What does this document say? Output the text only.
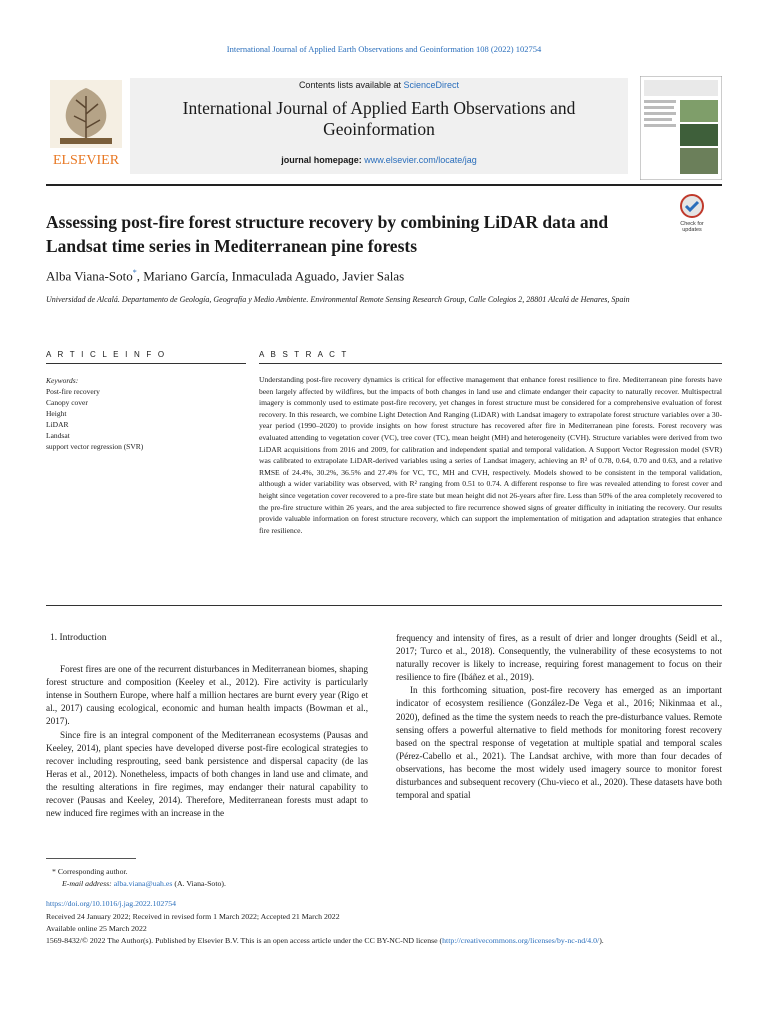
International Journal of Applied Earth Observations and Geoinformation 108 (2022) 102754
ELSEVIER
Contents lists available at ScienceDirect
International Journal of Applied Earth Observations and Geoinformation
journal homepage: www.elsevier.com/locate/jag
Assessing post-fire forest structure recovery by combining LiDAR data and Landsat time series in Mediterranean pine forests
Check for
updates
Alba Viana-Soto*, Mariano García, Inmaculada Aguado, Javier Salas
Universidad de Alcalá. Departamento de Geología, Geografía y Medio Ambiente. Environmental Remote Sensing Research Group, Calle Colegios 2, 28801 Alcalá de Henares, Spain
A R T I C L E I N F O	A B S T R A C T
Keywords:
Post-fire recovery
Canopy cover
Height
LiDAR
Landsat
support vector regression (SVR)
Understanding post-fire recovery dynamics is critical for effective management that enhance forest resilience to fire. Mediterranean pine forests have been largely affected by wildfires, but the impacts of both changes in land use and climate endanger their capacity to naturally recover. Multispectral imagery is commonly used to estimate post-fire recovery, yet changes in forest structure must be considered for a comprehensive evaluation of forest recovery. In this research, we combine Light Detection And Ranging (LiDAR) with Landsat imagery to extrapolate forest structure variables over a 30-year period (1990–2020) to provide insights on how forest structure has recovered after fire in Mediterranean pine forests. Forest recovery was evaluated attending to vegetation cover (VC), tree cover (TC), mean height (MH) and heterogeneity (CVH). Structure variables were derived from two LiDAR acquisitions from 2016 and 2009, for calibration and independent spatial and temporal validation. A Support Vector Regression model (SVR) was calibrated to extrapolate LiDAR-derived variables using a series of Landsat imagery, achieving an R² of 0.78, 0.64, 0.70 and 0.63, and a relative RMSE of 24.4%, 30.2%, 36.5% and 27.4% for VC, TC, MH and CVH, respectively. Models showed to be consistent in the temporal validation, although a wider variability was observed, with R² ranging from 0.51 to 0.74. A different response to fire was revealed attending to forest cover and height since vegetation cover recovered to a pre-fire state but mean height did not 26-years after fire. Less than 50% of the area completely recovered to the pre-fire structure within 26 years, and the area subjected to fire recurrence showed signs of greater difficulty in initiating the recovery. Our results provide valuable information on forest structure recovery, which can support the implementation of mitigation and adaptation strategies that enhance fire resilience.
1. Introduction

Forest fires are one of the recurrent disturbances in Mediterranean biomes, shaping forest structure and composition (Keeley et al., 2012). Fire activity is particularly intense in Southern Europe, where half a million hectares are burnt every year (Rigo et al., 2017) causing ecological, economic and human health impacts (Bowman et al., 2017).

Since fire is an integral component of the Mediterranean ecosystems (Pausas and Keeley, 2014), plant species have developed diverse post-fire ecological strategies to recover including resprouting, seed bank persistence and dispersal capacity (de las Heras et al., 2012). Nonetheless, impacts of both changes in land use and climate, and the resulting alterations in fire regimes, may endanger their natural capability to recover (Pausas and Keeley, 2014). Therefore, Mediterranean forests must adapt to new induced fire regimes with an increase in the

frequency and intensity of fires, as a result of drier and longer droughts (Seidl et al., 2017; Turco et al., 2018). Consequently, the vulnerability of these ecosystems to not naturally recover is likely to increase, requiring forest management to focus on their resilience to fire (Ibáñez et al., 2019).

In this forthcoming situation, post-fire recovery has emerged as an important indicator of ecosystem resilience (González-De Vega et al., 2016; Nikinmaa et al., 2020), defined as the time the system needs to reach the pre-disturbance values. Remote sensing offers a powerful alternative to field methods for monitoring forest recovery based on the spectral response of vegetation at multiple spatial and temporal scales (Pérez-Cabello et al., 2021). The Landsat archive, with more than four decades of observations, has become the most widely used imagery source to monitor forest disturbances and subsequent recovery (Chu-vieco et al., 2020). These datasets have both temporal and spatial

* Corresponding author.
E-mail address: alba.viana@uah.es (A. Viana-Soto).
https://doi.org/10.1016/j.jag.2022.102754
Received 24 January 2022; Received in revised form 1 March 2022; Accepted 21 March 2022
Available online 25 March 2022
1569-8432/© 2022 The Author(s). Published by Elsevier B.V. This is an open access article under the CC BY-NC-ND license (http://creativecommons.org/licenses/by-nc-nd/4.0/).
